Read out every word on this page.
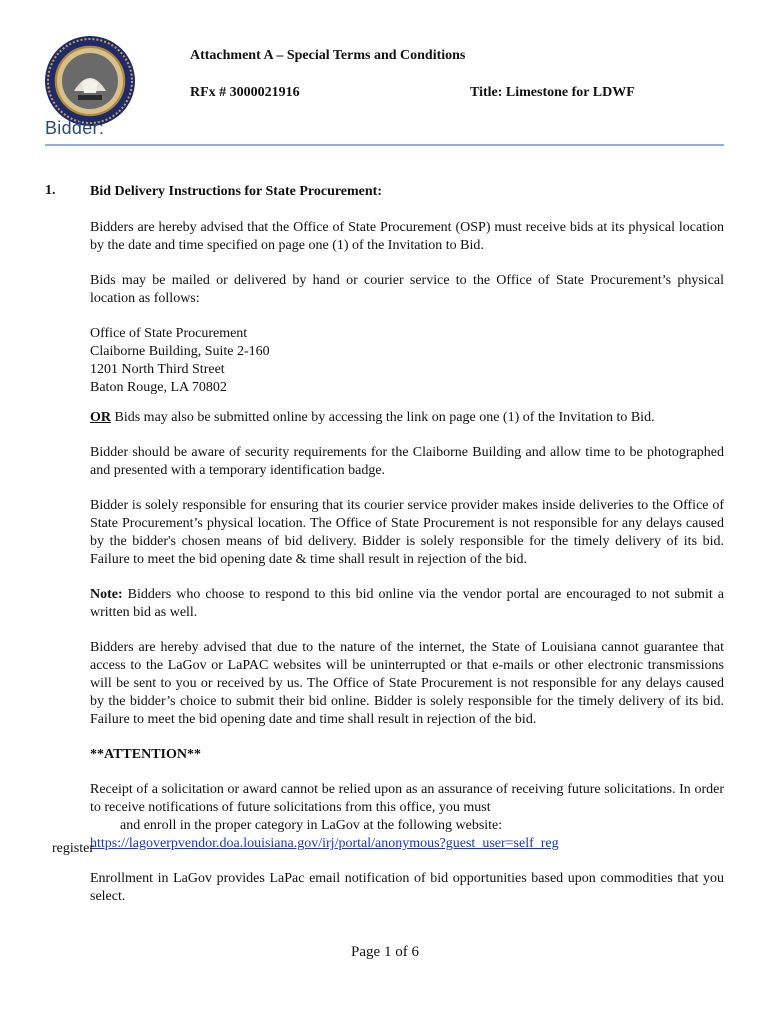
Attachment A – Special Terms and Conditions
RFx # 3000021916	Title: Limestone for LDWF
Bidder:
1. Bid Delivery Instructions for State Procurement:

Bidders are hereby advised that the Office of State Procurement (OSP) must receive bids at its physical location by the date and time specified on page one (1) of the Invitation to Bid.

Bids may be mailed or delivered by hand or courier service to the Office of State Procurement’s physical location as follows:

Office of State Procurement
Claiborne Building, Suite 2-160
1201 North Third Street
Baton Rouge, LA 70802

OR Bids may also be submitted online by accessing the link on page one (1) of the Invitation to Bid.

Bidder should be aware of security requirements for the Claiborne Building and allow time to be photographed and presented with a temporary identification badge.

Bidder is solely responsible for ensuring that its courier service provider makes inside deliveries to the Office of State Procurement’s physical location. The Office of State Procurement is not responsible for any delays caused by the bidder's chosen means of bid delivery. Bidder is solely responsible for the timely delivery of its bid. Failure to meet the bid opening date & time shall result in rejection of the bid.

Note: Bidders who choose to respond to this bid online via the vendor portal are encouraged to not submit a written bid as well.

Bidders are hereby advised that due to the nature of the internet, the State of Louisiana cannot guarantee that access to the LaGov or LaPAC websites will be uninterrupted or that e-mails or other electronic transmissions will be sent to you or received by us. The Office of State Procurement is not responsible for any delays caused by the bidder’s choice to submit their bid online. Bidder is solely responsible for the timely delivery of its bid. Failure to meet the bid opening date and time shall result in rejection of the bid.

**ATTENTION**

Receipt of a solicitation or award cannot be relied upon as an assurance of receiving future solicitations. In order to receive notifications of future solicitations from this office, you must

and enroll in the proper category in LaGov at the following website:

https://lagoverpvendor.doa.louisiana.gov/irj/portal/anonymous?guest_user=self_reg

Enrollment in LaGov provides LaPac email notification of bid opportunities based upon commodities that you select.

register
Page 1 of 6
